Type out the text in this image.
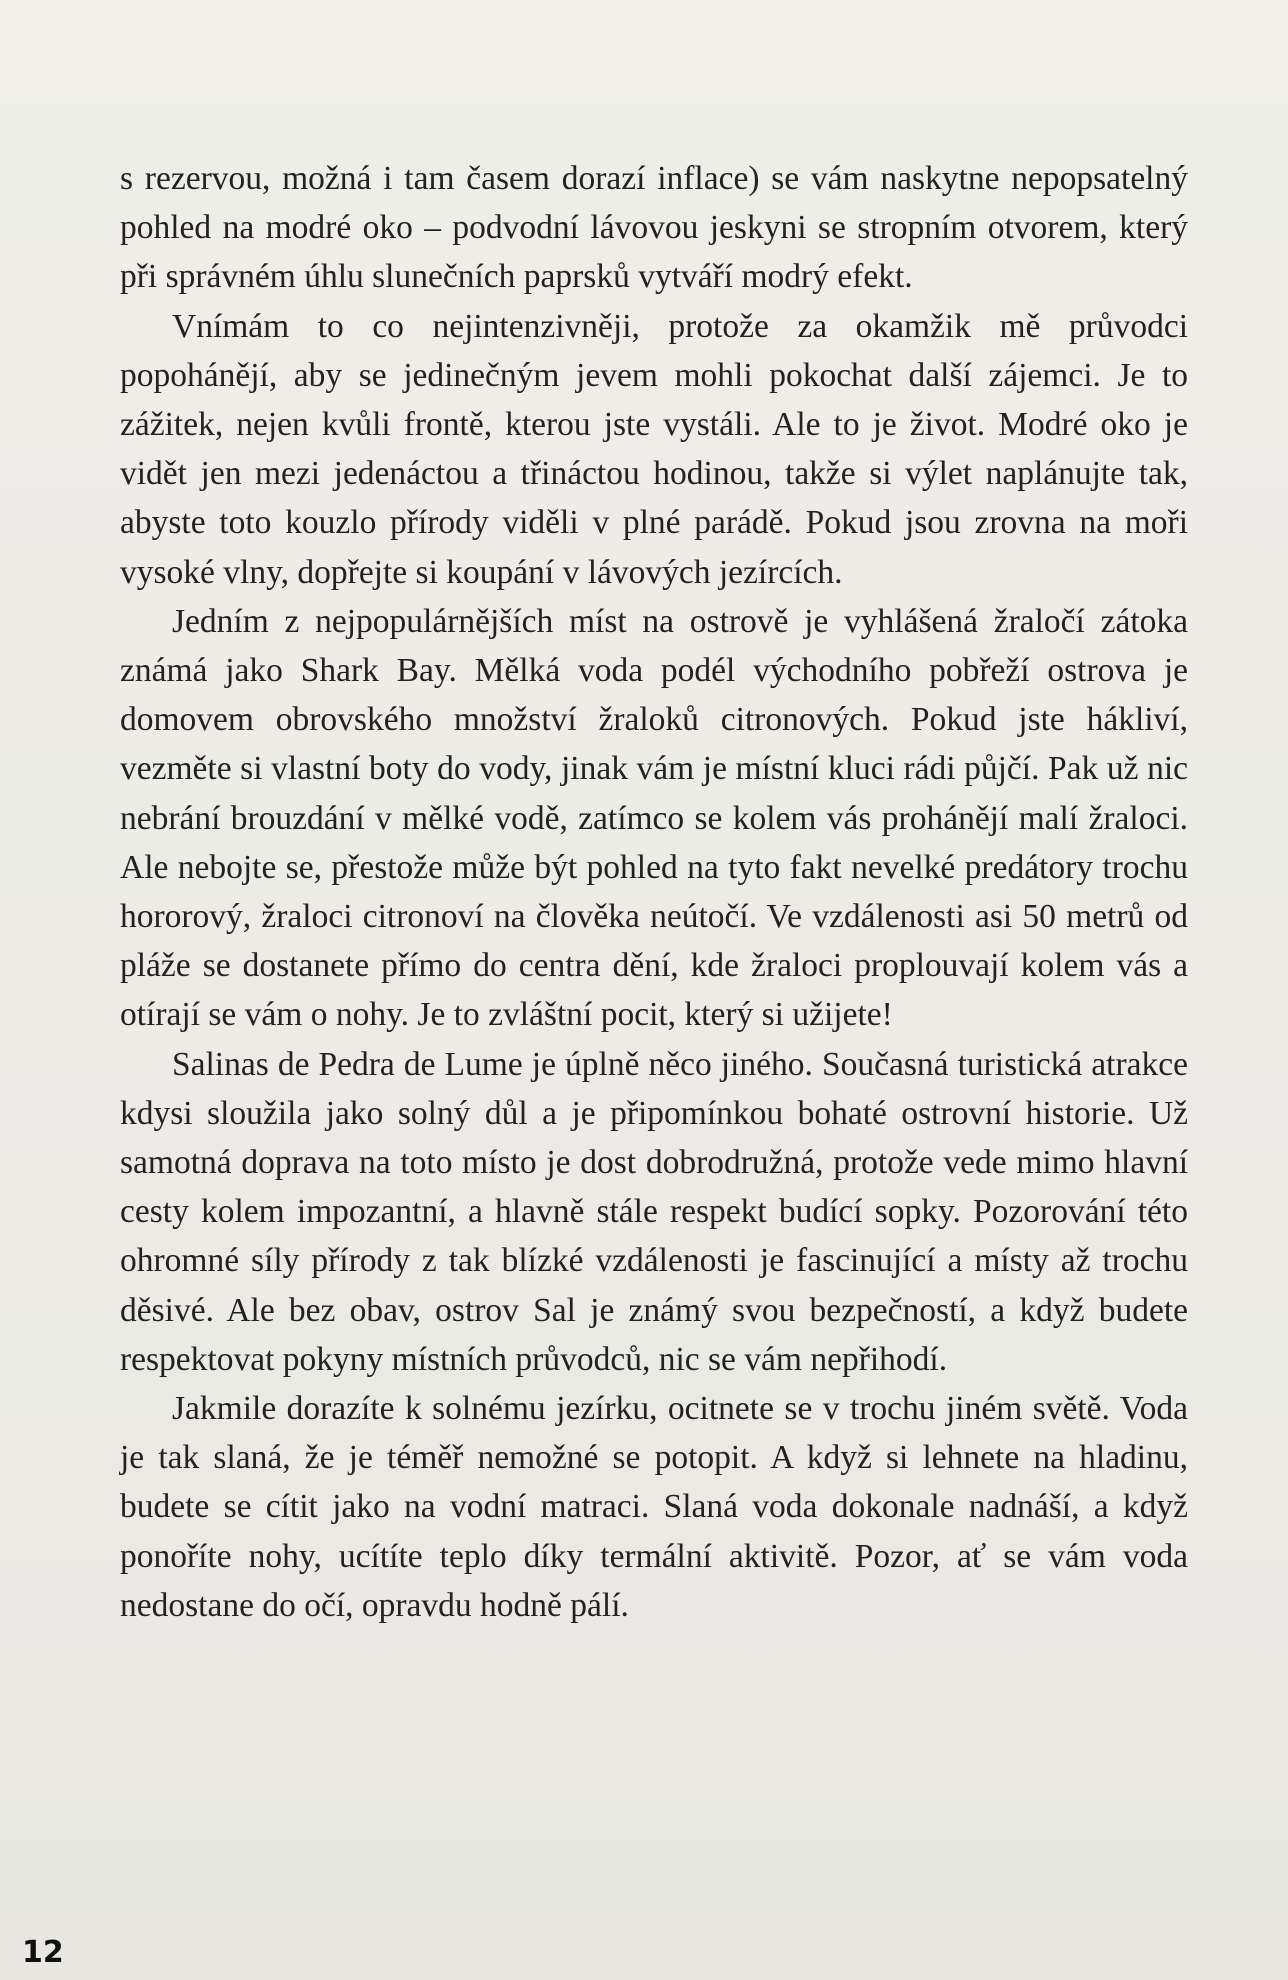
s rezervou, možná i tam časem dorazí inflace) se vám naskytne nepopsatelný pohled na modré oko – podvodní lávovou jeskyni se stropním otvorem, který při správném úhlu slunečních paprsků vytváří modrý efekt.

Vnímám to co nejintenzivněji, protože za okamžik mě průvodci popohánějí, aby se jedinečným jevem mohli pokochat další zájemci. Je to zážitek, nejen kvůli frontě, kterou jste vystáli. Ale to je život. Modré oko je vidět jen mezi jedenáctou a třináctou hodinou, takže si výlet naplánujte tak, abyste toto kouzlo přírody viděli v plné parádě. Pokud jsou zrovna na moři vysoké vlny, dopřejte si koupání v lávových jezírcích.

Jedním z nejpopulárnějších míst na ostrově je vyhlášená žraločí zátoka známá jako Shark Bay. Mělká voda podél východního pobřeží ostrova je domovem obrovského množství žraloků citronových. Pokud jste hákliví, vezměte si vlastní boty do vody, jinak vám je místní kluci rádi půjčí. Pak už nic nebrání brouzdání v mělké vodě, zatímco se kolem vás prohánějí malí žraloci. Ale nebojte se, přestože může být pohled na tyto fakt nevelké predátory trochu hororový, žraloci citronoví na člověka neútočí. Ve vzdálenosti asi 50 metrů od pláže se dostanete přímo do centra dění, kde žraloci proplouvají kolem vás a otírají se vám o nohy. Je to zvláštní pocit, který si užijete!

Salinas de Pedra de Lume je úplně něco jiného. Současná turistická atrakce kdysi sloužila jako solný důl a je připomínkou bohaté ostrovní historie. Už samotná doprava na toto místo je dost dobrodružná, protože vede mimo hlavní cesty kolem impozantní, a hlavně stále respekt budící sopky. Pozorování této ohromné síly přírody z tak blízké vzdálenosti je fascinující a místy až trochu děsivé. Ale bez obav, ostrov Sal je známý svou bezpečností, a když budete respektovat pokyny místních průvodců, nic se vám nepřihodí.

Jakmile dorazíte k solnému jezírku, ocitnete se v trochu jiném světě. Voda je tak slaná, že je téměř nemožné se potopit. A když si lehnete na hladinu, budete se cítit jako na vodní matraci. Slaná voda dokonale nadnáší, a když ponoříte nohy, ucítíte teplo díky termální aktivitě. Pozor, ať se vám voda nedostane do očí, opravdu hodně pálí.

12
